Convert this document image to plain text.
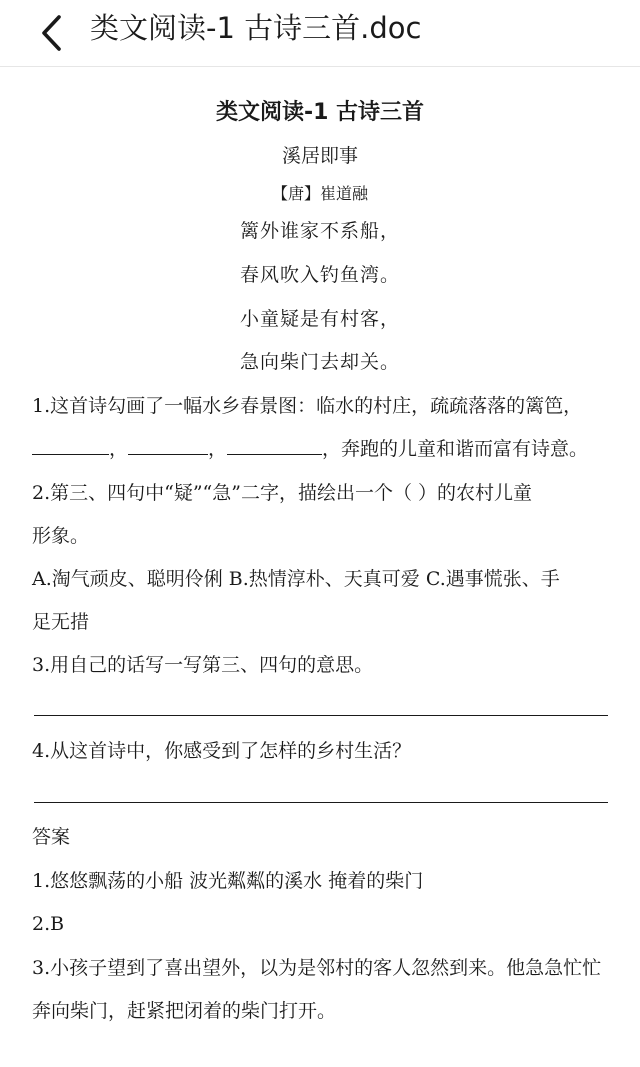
类文阅读-1 古诗三首.doc
类文阅读-1 古诗三首
溪居即事
【唐】崔道融
篱外谁家不系船，
春风吹入钓鱼湾。
小童疑是有村客，
急向柴门去却关。
1.这首诗勾画了一幅水乡春景图：临水的村庄，疏疏落落的篱笆，
，	，	，奔跑的儿童和谐而富有诗意。
2.第三、四句中“疑”“急”二字，描绘出一个（ ）的农村儿童
形象。
A.淘气顽皮、聪明伶俐 B.热情淳朴、天真可爱 C.遇事慌张、手
足无措
3.用自己的话写一写第三、四句的意思。
4.从这首诗中，你感受到了怎样的乡村生活？
答案
1.悠悠飘荡的小船 波光粼粼的溪水 掩着的柴门
2.B
3.小孩子望到了喜出望外，以为是邻村的客人忽然到来。他急急忙忙
奔向柴门，赶紧把闭着的柴门打开。
